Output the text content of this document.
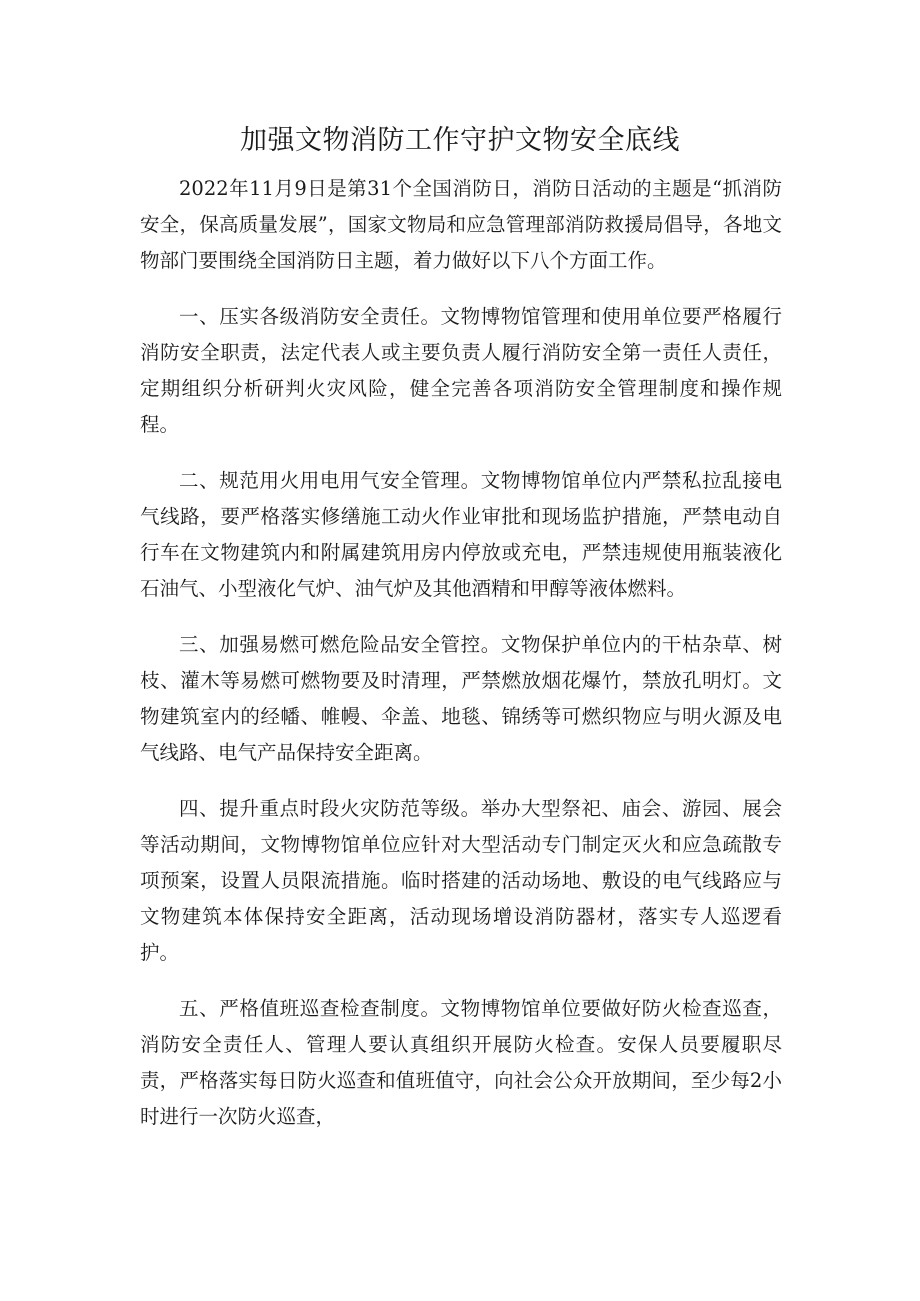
加强文物消防工作守护文物安全底线

2022年11月9日是第31个全国消防日，消防日活动的主题是“抓消防安全，保高质量发展”，国家文物局和应急管理部消防救援局倡导，各地文物部门要围绕全国消防日主题，着力做好以下八个方面工作。

一、压实各级消防安全责任。文物博物馆管理和使用单位要严格履行消防安全职责，法定代表人或主要负责人履行消防安全第一责任人责任，定期组织分析研判火灾风险，健全完善各项消防安全管理制度和操作规程。

二、规范用火用电用气安全管理。文物博物馆单位内严禁私拉乱接电气线路，要严格落实修缮施工动火作业审批和现场监护措施，严禁电动自行车在文物建筑内和附属建筑用房内停放或充电，严禁违规使用瓶装液化石油气、小型液化气炉、油气炉及其他酒精和甲醇等液体燃料。

三、加强易燃可燃危险品安全管控。文物保护单位内的干枯杂草、树枝、灌木等易燃可燃物要及时清理，严禁燃放烟花爆竹，禁放孔明灯。文物建筑室内的经幡、帷幔、伞盖、地毯、锦绣等可燃织物应与明火源及电气线路、电气产品保持安全距离。

四、提升重点时段火灾防范等级。举办大型祭祀、庙会、游园、展会等活动期间，文物博物馆单位应针对大型活动专门制定灭火和应急疏散专项预案，设置人员限流措施。临时搭建的活动场地、敷设的电气线路应与文物建筑本体保持安全距离，活动现场增设消防器材，落实专人巡逻看护。

五、严格值班巡查检查制度。文物博物馆单位要做好防火检查巡查，消防安全责任人、管理人要认真组织开展防火检查。安保人员要履职尽责，严格落实每日防火巡查和值班值守，向社会公众开放期间，至少每2小时进行一次防火巡查，
